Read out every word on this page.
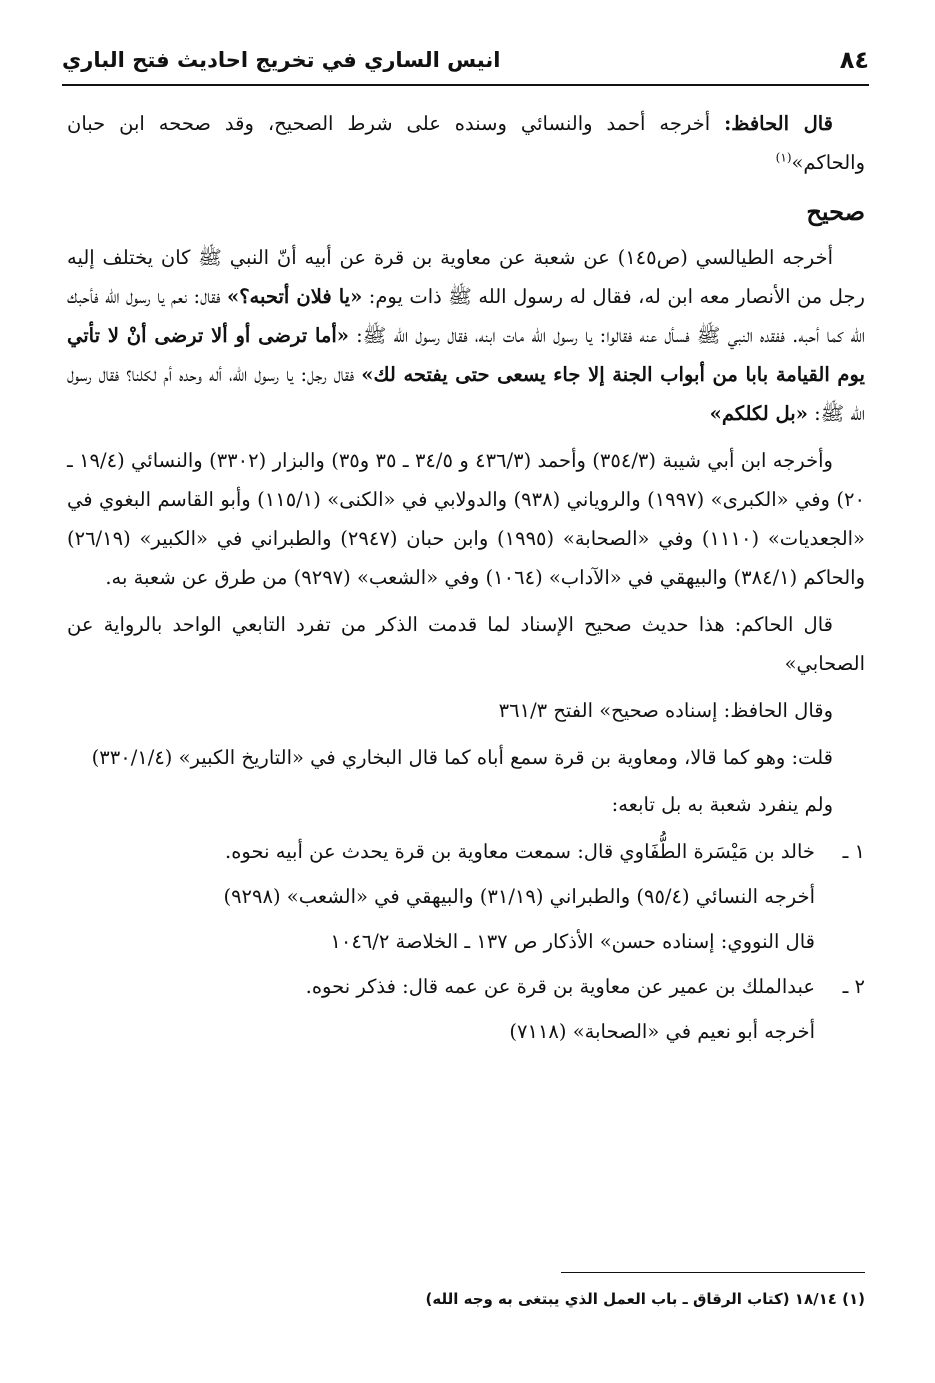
٨٤
انيس الساري في تخريج احاديث فتح الباري

قال الحافظ: أخرجه أحمد والنسائي وسنده على شرط الصحيح، وقد صححه ابن حبان والحاكم»$^{(١)}$

صحيح

أخرجه الطيالسي (ص١٤٥) عن شعبة عن معاوية بن قرة عن أبيه أنّ النبي ﷺ كان يختلف إليه رجل من الأنصار معه ابن له، فقال له رسول الله ﷺ ذات يوم: «يا فلان أتحبه؟» فقال: نعم يا رسول الله فأحبك الله كما أحبه. ففقده النبي ﷺ فسأل عنه فقالوا: يا رسول الله مات ابنه، فقال رسول الله ﷺ: «أما ترضى أو ألا ترضى أنْ لا تأتي يوم القيامة بابا من أبواب الجنة إلا جاء يسعى حتى يفتحه لك» فقال رجل: يا رسول الله، أله وحده أم لكلنا؟ فقال رسول الله ﷺ: «بل لكلكم»

وأخرجه ابن أبي شيبة (٣٥٤/٣) وأحمد (٤٣٦/٣ و ٣٤/٥ ـ ٣٥ و٣٥) والبزار (٣٣٠٢) والنسائي (١٩/٤ ـ ٢٠) وفي «الكبرى» (١٩٩٧) والروياني (٩٣٨) والدولابي في «الكنى» (١١٥/١) وأبو القاسم البغوي في «الجعديات» (١١١٠) وفي «الصحابة» (١٩٩٥) وابن حبان (٢٩٤٧) والطبراني في «الكبير» (٢٦/١٩) والحاكم (٣٨٤/١) والبيهقي في «الآداب» (١٠٦٤) وفي «الشعب» (٩٢٩٧) من طرق عن شعبة به.

قال الحاكم: هذا حديث صحيح الإسناد لما قدمت الذكر من تفرد التابعي الواحد بالرواية عن الصحابي»

وقال الحافظ: إسناده صحيح» الفتح ٣٦١/٣

قلت: وهو كما قالا، ومعاوية بن قرة سمع أباه كما قال البخاري في «التاريخ الكبير» (٣٣٠/١/٤)

ولم ينفرد شعبة به بل تابعه:

١ ـ
خالد بن مَيْسَرة الطُّفَاوي قال: سمعت معاوية بن قرة يحدث عن أبيه نحوه.

أخرجه النسائي (٩٥/٤) والطبراني (٣١/١٩) والبيهقي في «الشعب» (٩٢٩٨)

قال النووي: إسناده حسن» الأذكار ص ١٣٧ ـ الخلاصة ١٠٤٦/٢

٢ ـ
عبدالملك بن عمير عن معاوية بن قرة عن عمه قال: فذكر نحوه.

أخرجه أبو نعيم في «الصحابة» (٧١١٨)

(١) ١٨/١٤ (كتاب الرقاق ـ باب العمل الذي يبتغى به وجه الله)
